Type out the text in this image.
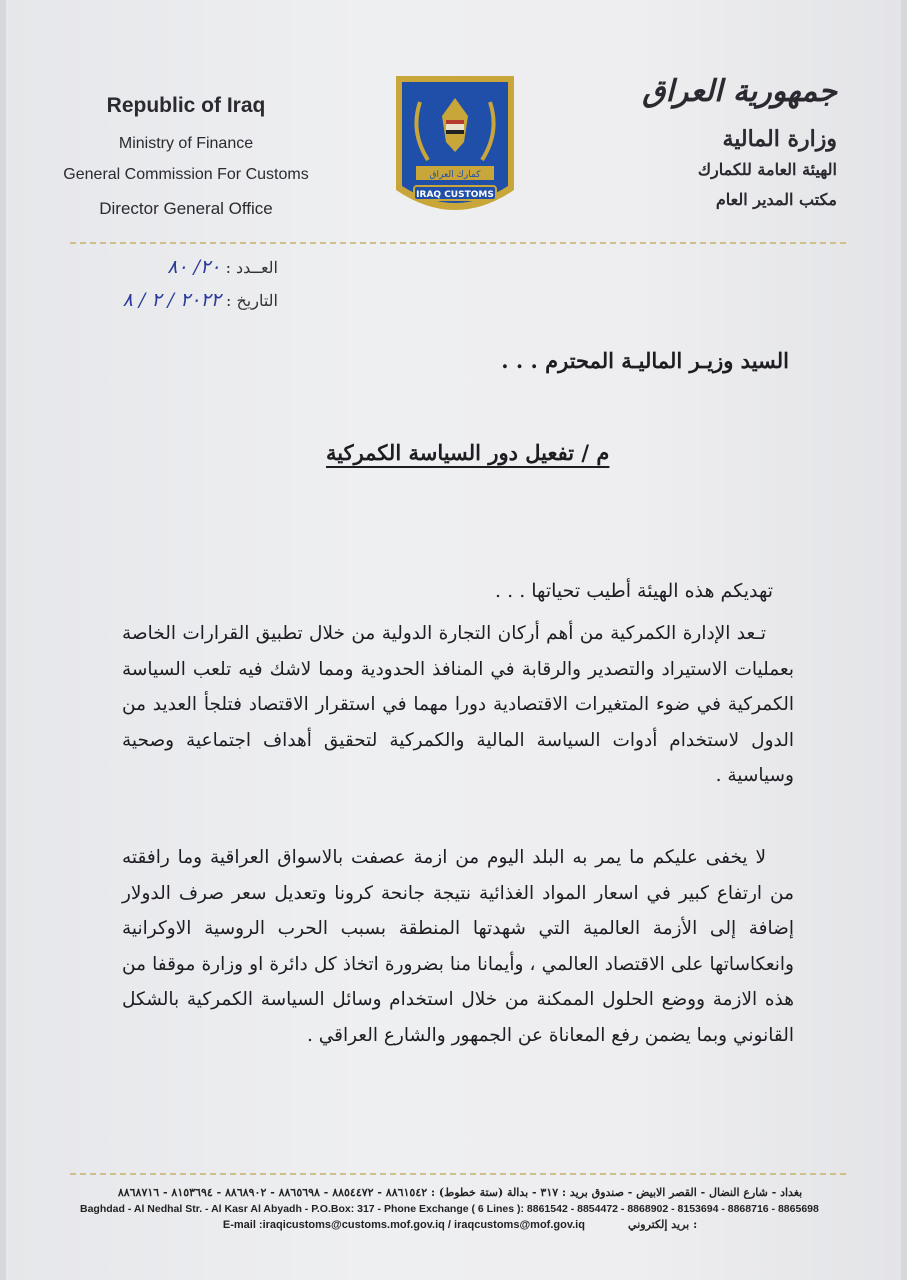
Republic of Iraq
Ministry of Finance
General Commission For Customs
Director General Office
كمارك العراق
IRAQ CUSTOMS
جمهورية العراق
وزارة المالية
الهيئة العامة للكمارك
مكتب المدير العام
العــدد : ٢٠/ ٨٠
التاريخ : ٢٠٢٢ / ٢ / ٨
السيد وزيـر الماليـة المحترم . . .
م / تفعيل دور السياسة الكمركية
تهديكم هذه الهيئة أطيب تحياتها . . .
تـعد الإدارة الكمركية من أهم أركان التجارة الدولية من خلال تطبيق القرارات الخاصة بعمليات الاستيراد والتصدير والرقابة في المنافذ الحدودية ومما لاشك فيه تلعب السياسة الكمركية في ضوء المتغيرات الاقتصادية دورا مهما في استقرار الاقتصاد فتلجأ العديد من الدول لاستخدام أدوات السياسة المالية والكمركية لتحقيق أهداف اجتماعية وصحية وسياسية .
لا يخفى عليكم ما يمر به البلد اليوم من ازمة عصفت بالاسواق العراقية وما رافقته من ارتفاع كبير في اسعار المواد الغذائية نتيجة جانحة كرونا وتعديل سعر صرف الدولار إضافة إلى الأزمة العالمية التي شهدتها المنطقة بسبب الحرب الروسية الاوكرانية وانعكاساتها على الاقتصاد العالمي ، وأيمانا منا بضرورة اتخاذ كل دائرة او وزارة موقفا من هذه الازمة ووضع الحلول الممكنة من خلال استخدام وسائل السياسة الكمركية بالشكل القانوني وبما يضمن رفع المعاناة عن الجمهور والشارع العراقي .
بغداد - شارع النضال - القصر الابيض - صندوق بريد : ٣١٧ - بدالة (ستة خطوط) : ٨٨٦١٥٤٢ - ٨٨٥٤٤٧٢ - ٨٨٦٥٦٩٨ - ٨٨٦٨٩٠٢ - ٨١٥٣٦٩٤ - ٨٨٦٨٧١٦
Baghdad - Al Nedhal Str. - Al Kasr Al Abyadh - P.O.Box: 317 - Phone Exchange ( 6 Lines ): 8861542 - 8854472 - 8868902 - 8153694 - 8868716 - 8865698
E-mail :iraqicustoms@customs.mof.gov.iq / iraqcustoms@mof.gov.iq	بريد إلكتروني :
